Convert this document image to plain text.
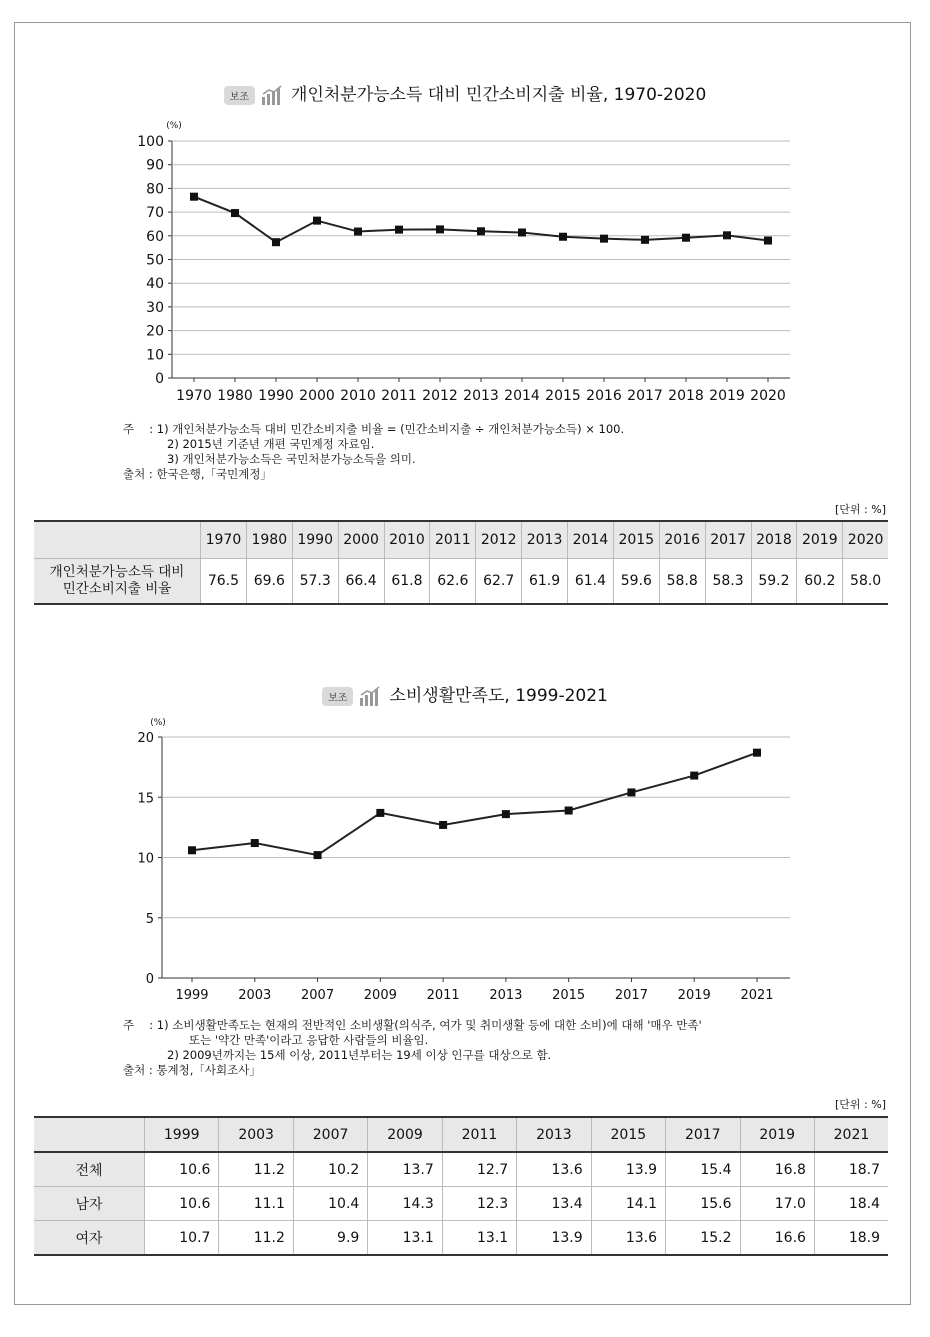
보조 개인처분가능소득 대비 민간소비지출 비율, 1970-2020
0
10
20
30
40
50
60
70
80
90
100
(%)
1970 1980 1990 2000 2010 2011 2012 2013 2014 2015 2016 2017 2018 2019 2020
주 　: 1) 개인처분가능소득 대비 민간소비지출 비율 = (민간소비지출 ÷ 개인처분가능소득) × 100.
2) 2015년 기준년 개편 국민계정 자료임.
3) 개인처분가능소득은 국민처분가능소득을 의미.
출처 : 한국은행,「국민계정」
[단위 : %]
	1970	1980	1990	2000	2010	2011	2012	2013	2014	2015	2016	2017	2018	2019	2020
개인처분가능소득 대비
민간소비지출 비율	76.5	69.6	57.3	66.4	61.8	62.6	62.7	61.9	61.4	59.6	58.8	58.3	59.2	60.2	58.0
보조 소비생활만족도, 1999-2021
0
5
10
15
20
(%)
1999 2003 2007 2009 2011 2013 2015 2017 2019 2021
주 　: 1) 소비생활만족도는 현재의 전반적인 소비생활(의식주, 여가 및 취미생활 등에 대한 소비)에 대해 '매우 만족'
또는 '약간 만족'이라고 응답한 사람들의 비율임.
2) 2009년까지는 15세 이상, 2011년부터는 19세 이상 인구를 대상으로 함.
출처 : 통계청,「사회조사」
[단위 : %]
	1999	2003	2007	2009	2011	2013	2015	2017	2019	2021
전체	10.6	11.2	10.2	13.7	12.7	13.6	13.9	15.4	16.8	18.7
남자	10.6	11.1	10.4	14.3	12.3	13.4	14.1	15.6	17.0	18.4
여자	10.7	11.2	9.9	13.1	13.1	13.9	13.6	15.2	16.6	18.9
